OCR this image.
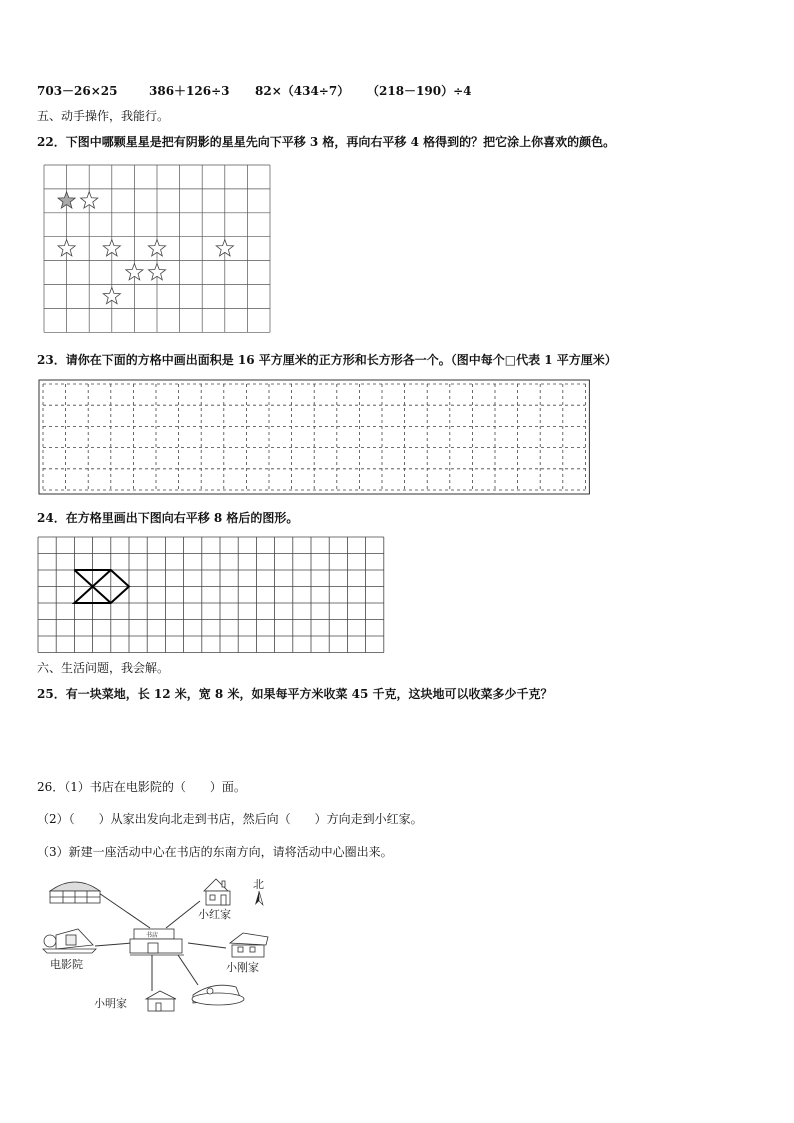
703－26×25	386＋126÷3 82×（434÷7） （218－190）÷4
五、动手操作，我能行。
22．下图中哪颗星星是把有阴影的星星先向下平移 3 格，再向右平移 4 格得到的？把它涂上你喜欢的颜色。
23．请你在下面的方格中画出面积是 16 平方厘米的正方形和长方形各一个。（图中每个□代表 1 平方厘米）
24．在方格里画出下图向右平移 8 格后的图形。
六、生活问题，我会解。
25．有一块菜地，长 12 米，宽 8 米，如果每平方米收菜 45 千克，这块地可以收菜多少千克？
26．（1）书店在电影院的（　　）面。
（2）（　　）从家出发向北走到书店，然后向（　　）方向走到小红家。
（3）新建一座活动中心在书店的东南方向，请将活动中心圈出来。
小红家
北
电影院
书店
小刚家
小明家
